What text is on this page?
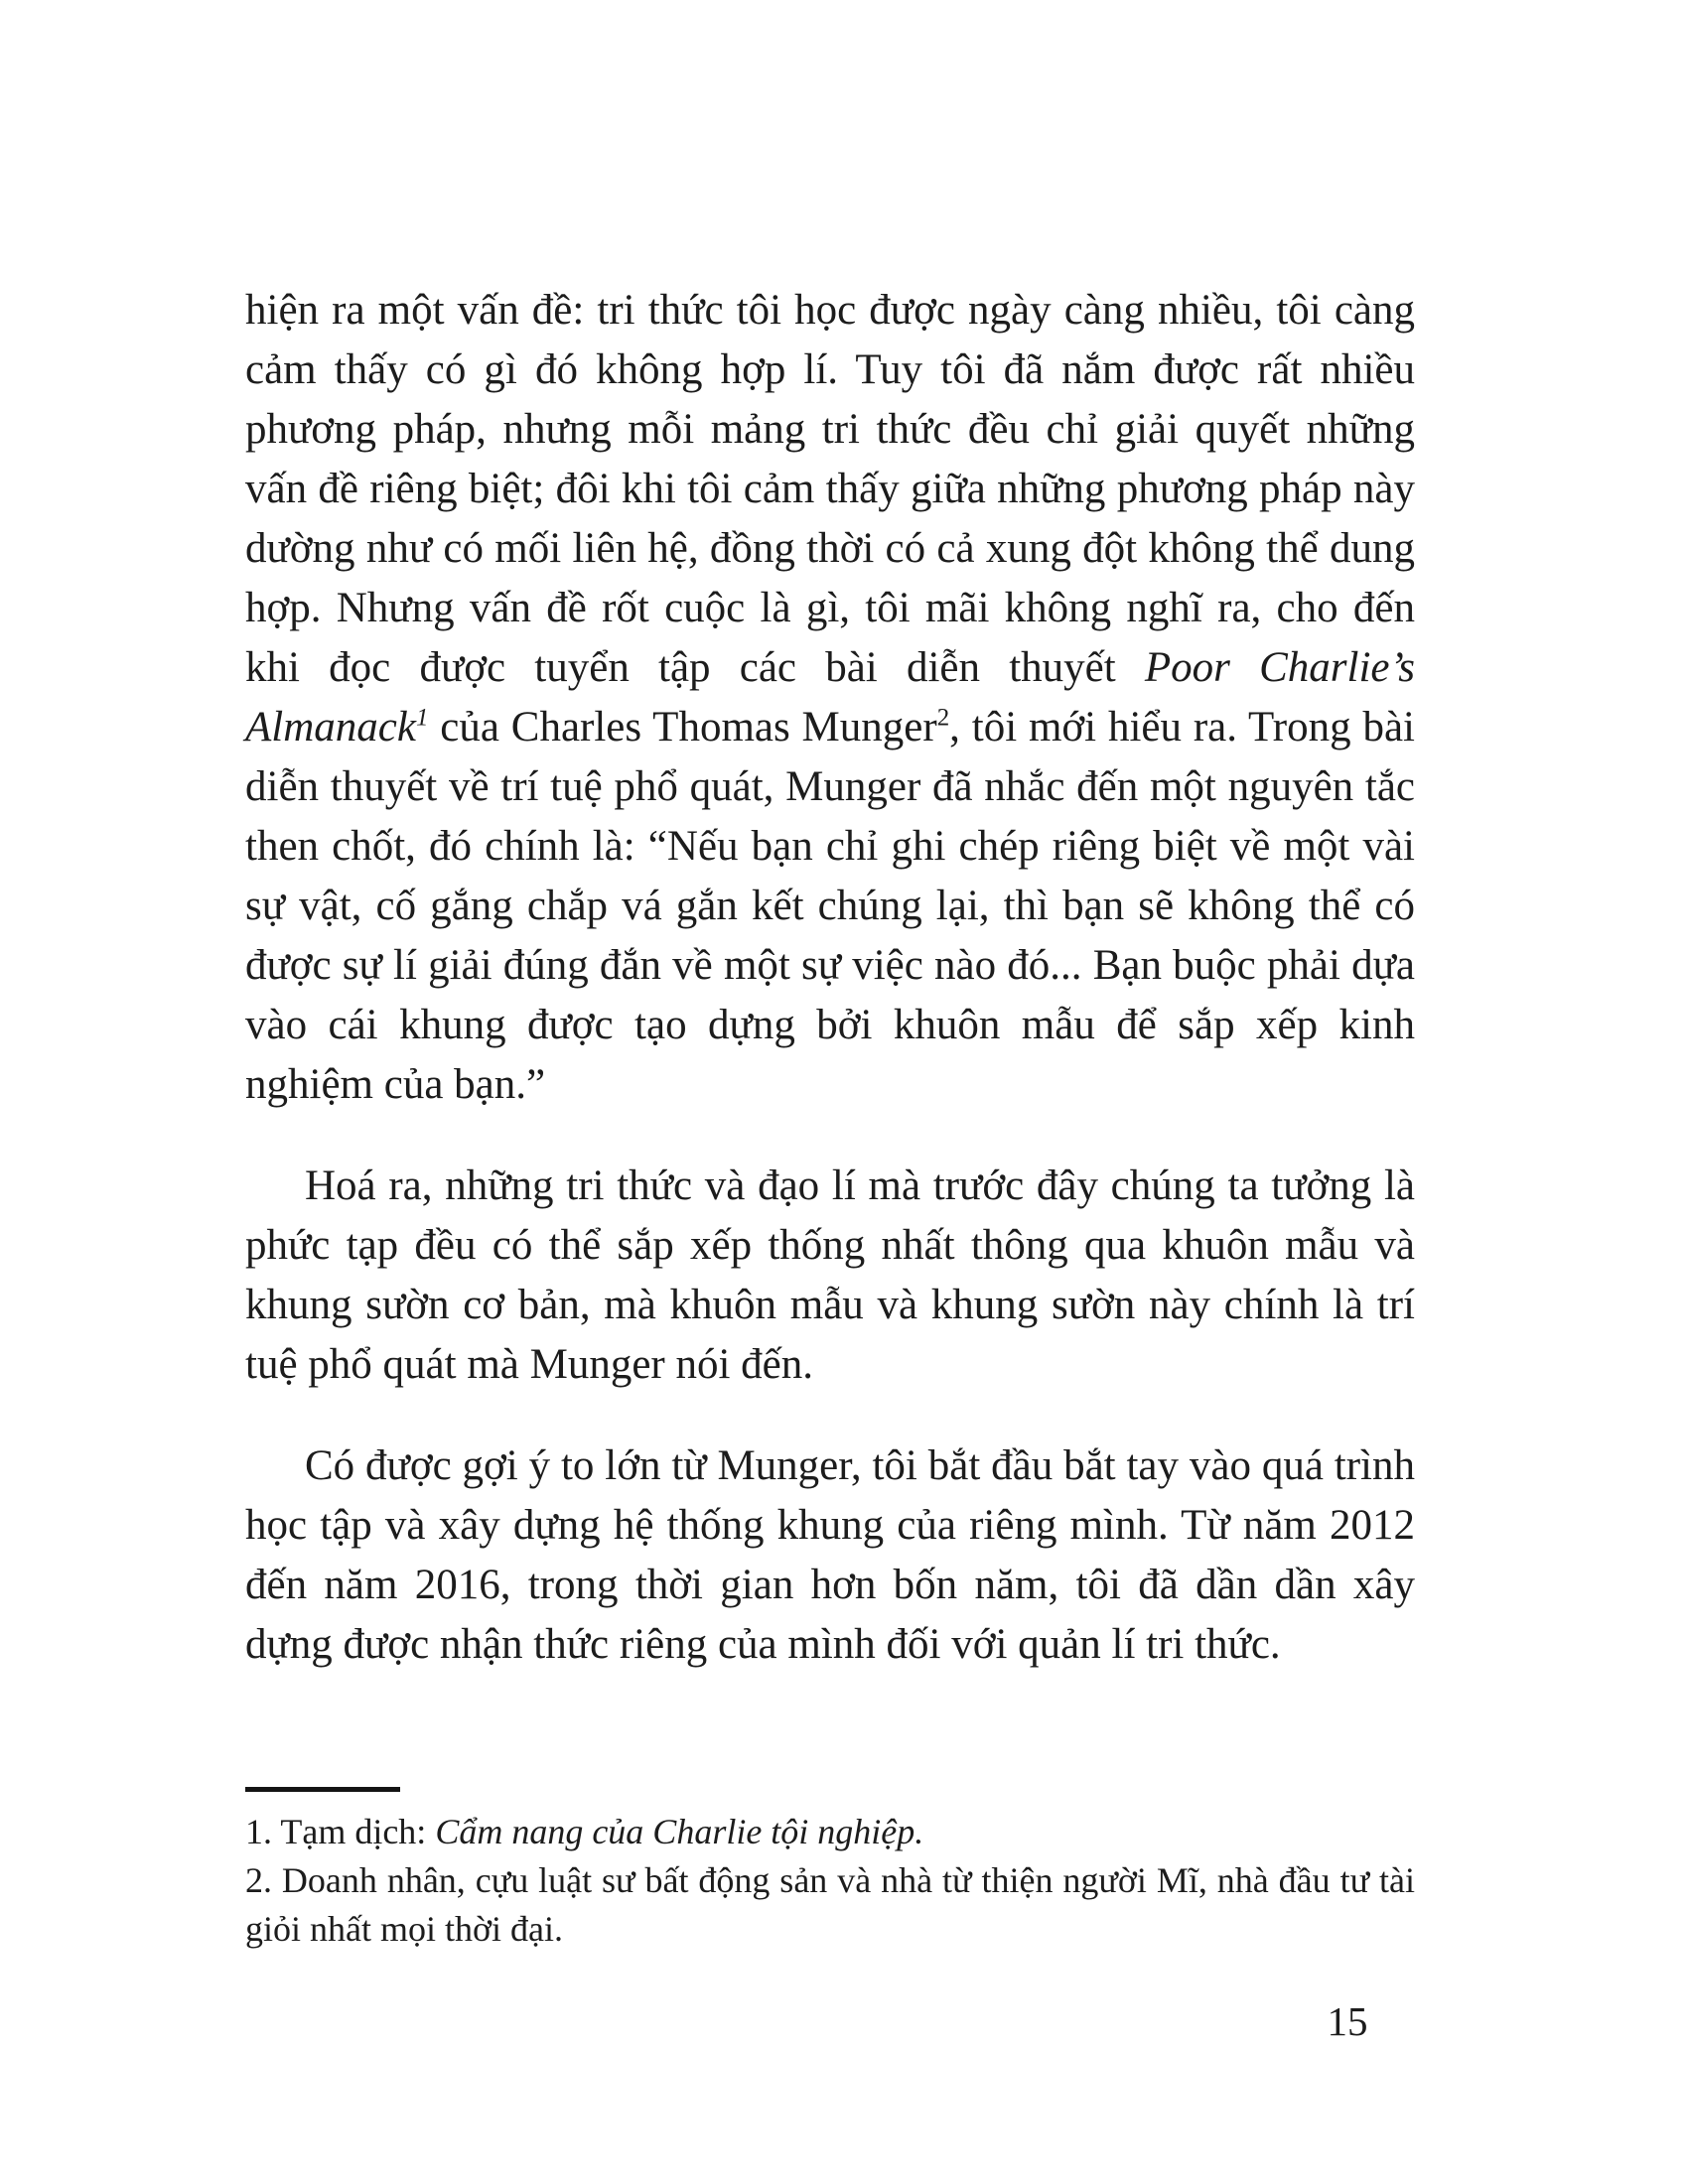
hiện ra một vấn đề: tri thức tôi học được ngày càng nhiều, tôi càng cảm thấy có gì đó không hợp lí. Tuy tôi đã nắm được rất nhiều phương pháp, nhưng mỗi mảng tri thức đều chỉ giải quyết những vấn đề riêng biệt; đôi khi tôi cảm thấy giữa những phương pháp này dường như có mối liên hệ, đồng thời có cả xung đột không thể dung hợp. Nhưng vấn đề rốt cuộc là gì, tôi mãi không nghĩ ra, cho đến khi đọc được tuyển tập các bài diễn thuyết Poor Charlie’s Almanack$^1$ của Charles Thomas Munger$^2$, tôi mới hiểu ra. Trong bài diễn thuyết về trí tuệ phổ quát, Munger đã nhắc đến một nguyên tắc then chốt, đó chính là: “Nếu bạn chỉ ghi chép riêng biệt về một vài sự vật, cố gắng chắp vá gắn kết chúng lại, thì bạn sẽ không thể có được sự lí giải đúng đắn về một sự việc nào đó... Bạn buộc phải dựa vào cái khung được tạo dựng bởi khuôn mẫu để sắp xếp kinh nghiệm của bạn.”

Hoá ra, những tri thức và đạo lí mà trước đây chúng ta tưởng là phức tạp đều có thể sắp xếp thống nhất thông qua khuôn mẫu và khung sườn cơ bản, mà khuôn mẫu và khung sườn này chính là trí tuệ phổ quát mà Munger nói đến.

Có được gợi ý to lớn từ Munger, tôi bắt đầu bắt tay vào quá trình học tập và xây dựng hệ thống khung của riêng mình. Từ năm 2012 đến năm 2016, trong thời gian hơn bốn năm, tôi đã dần dần xây dựng được nhận thức riêng của mình đối với quản lí tri thức.

1. Tạm dịch: Cẩm nang của Charlie tội nghiệp.

2. Doanh nhân, cựu luật sư bất động sản và nhà từ thiện người Mĩ, nhà đầu tư tài giỏi nhất mọi thời đại.

15
